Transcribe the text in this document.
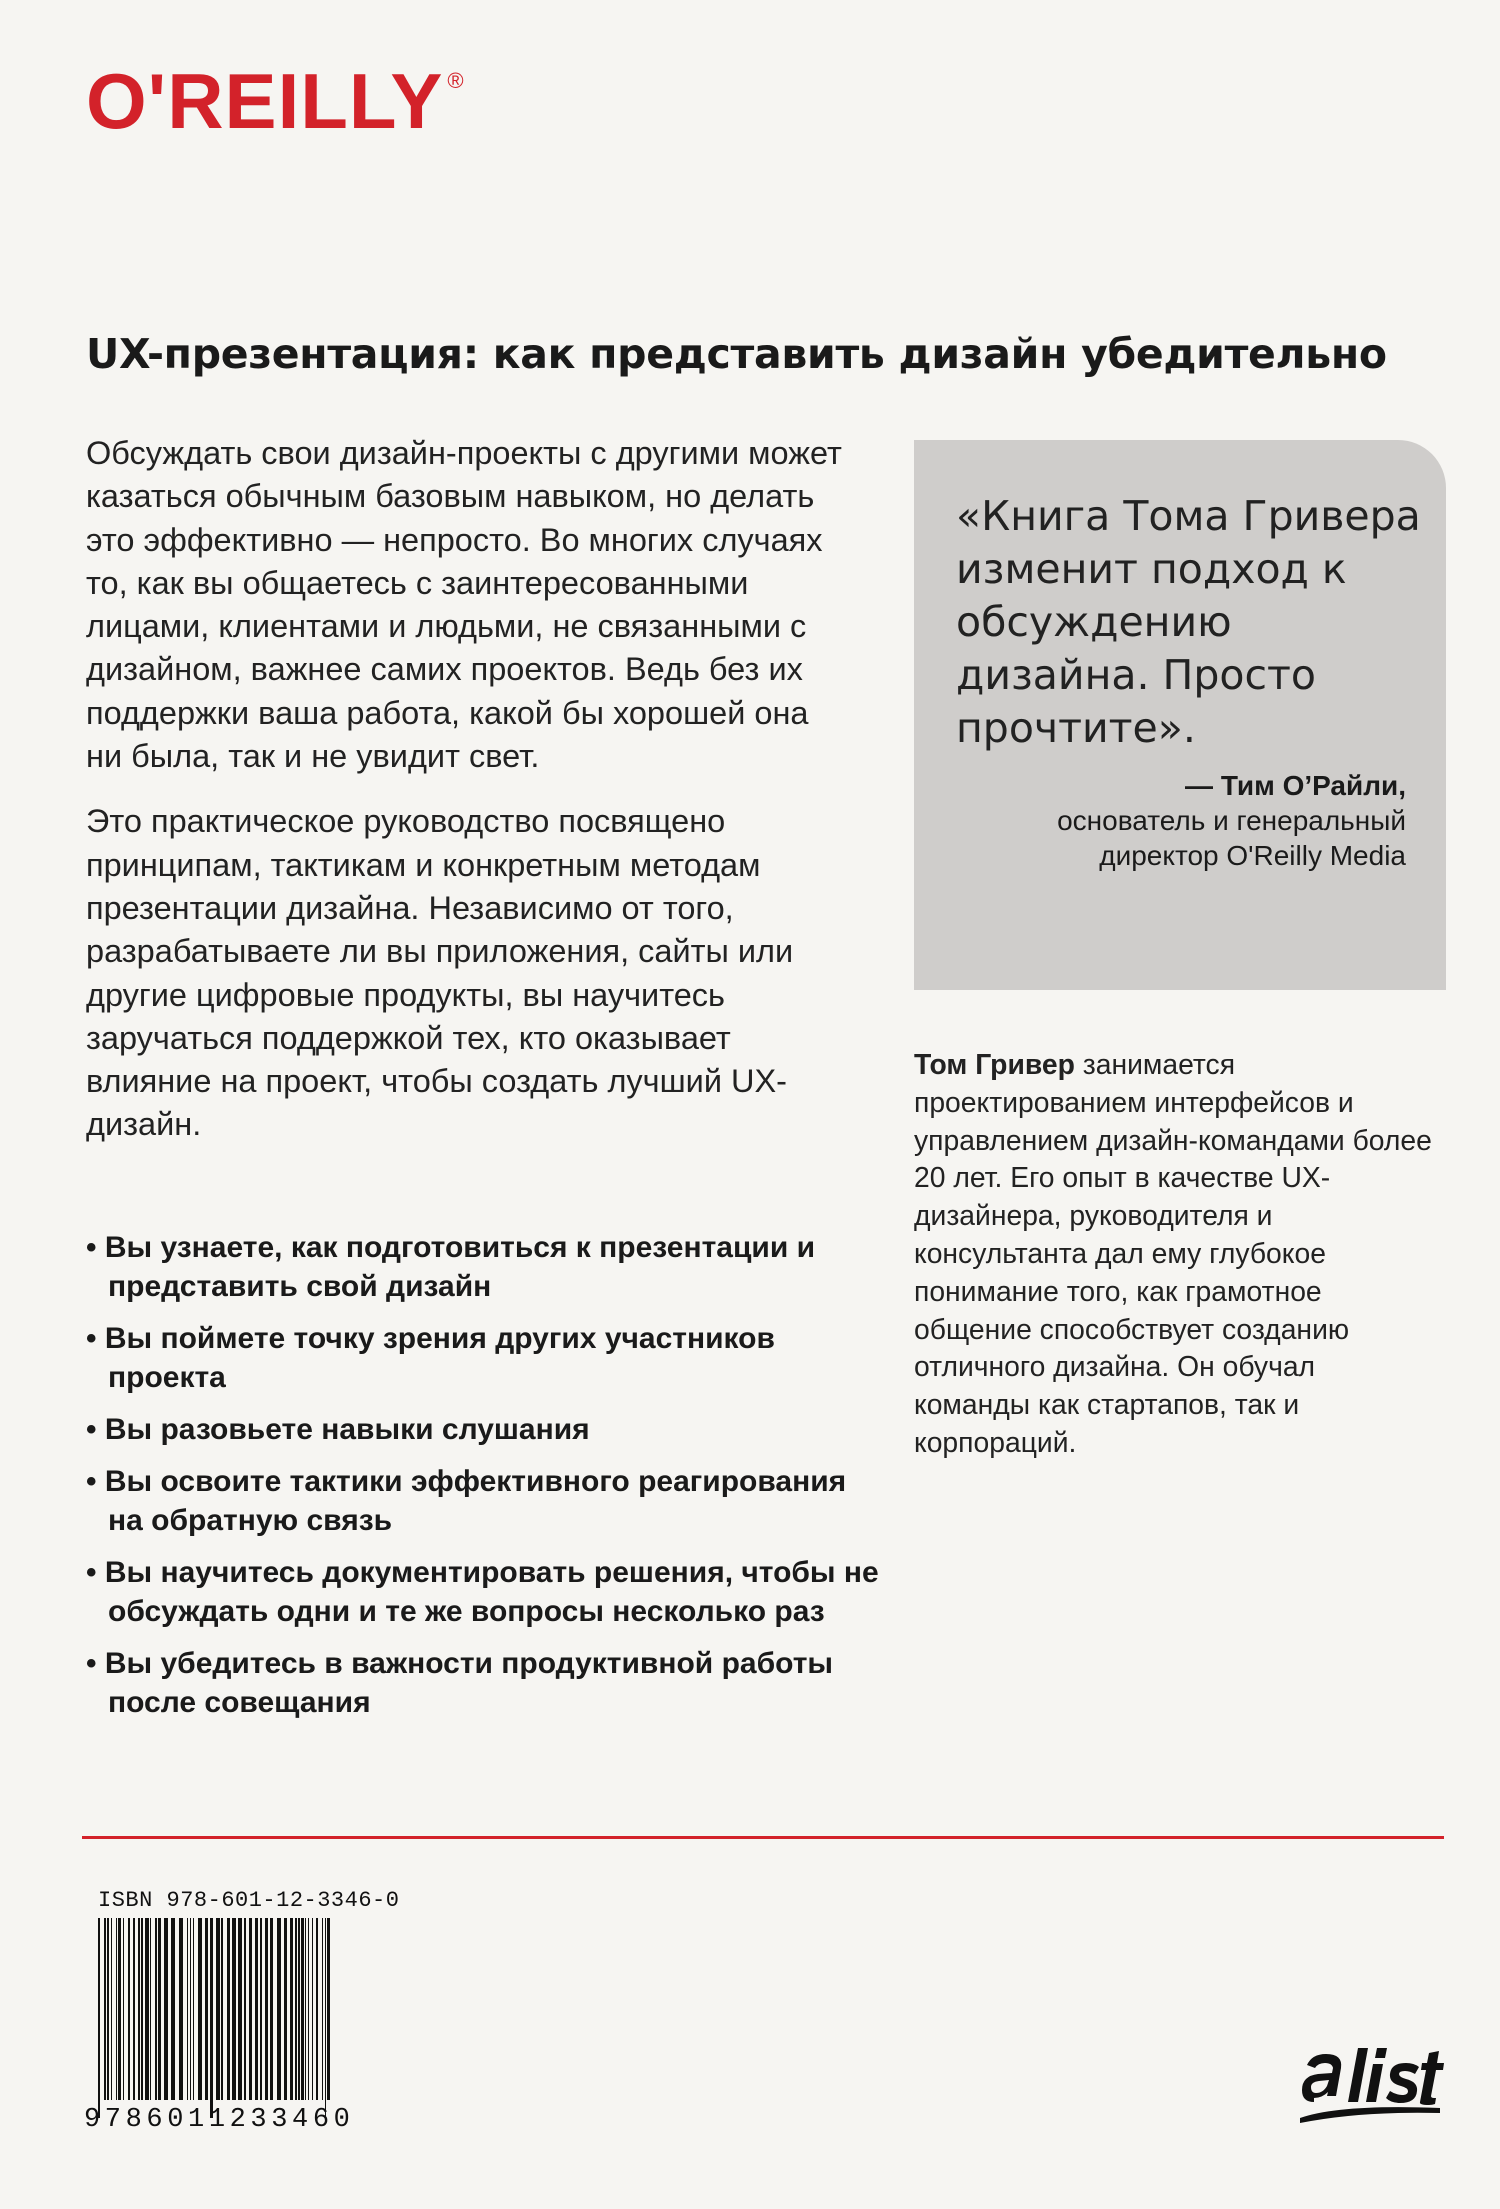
O'REILLY ®
UX-презентация: как представить дизайн убедительно

Обсуждать свои дизайн-проекты с другими может казаться обычным базовым навыком, но делать это эффективно — непросто. Во многих случаях то, как вы общаетесь с заинтересованными лицами, клиентами и людьми, не связанными с дизайном, важнее самих проектов. Ведь без их поддержки ваша работа, какой бы хорошей она ни была, так и не увидит свет.

Это практическое руководство посвящено принципам, тактикам и конкретным методам презентации дизайна. Независимо от того, разрабатываете ли вы приложения, сайты или другие цифровые продукты, вы научитесь заручаться поддержкой тех, кто оказывает влияние на проект, чтобы создать лучший UX-дизайн.

• Вы узнаете, как подготовиться к презентации и представить свой дизайн
• Вы поймете точку зрения других участников проекта
• Вы разовьете навыки слушания
• Вы освоите тактики эффективного реагирования на обратную связь
• Вы научитесь документировать решения, чтобы не обсуждать одни и те же вопросы несколько раз
• Вы убедитесь в важности продуктивной работы после совещания
«Книга Тома Гривера изменит подход к обсуждению дизайна. Просто прочтите».
— Тим О’Райли,
основатель и генеральный директор O'Reilly Media
Том Гривер занимается проектированием интерфейсов и управлением дизайн-командами более 20 лет. Его опыт в качестве UX-дизайнера, руководителя и консультанта дал ему глубокое понимание того, как грамотное общение способствует созданию отличного дизайна. Он обучал команды как стартапов, так и корпораций.
ISBN 978-601-12-3346-0
9786011233460
